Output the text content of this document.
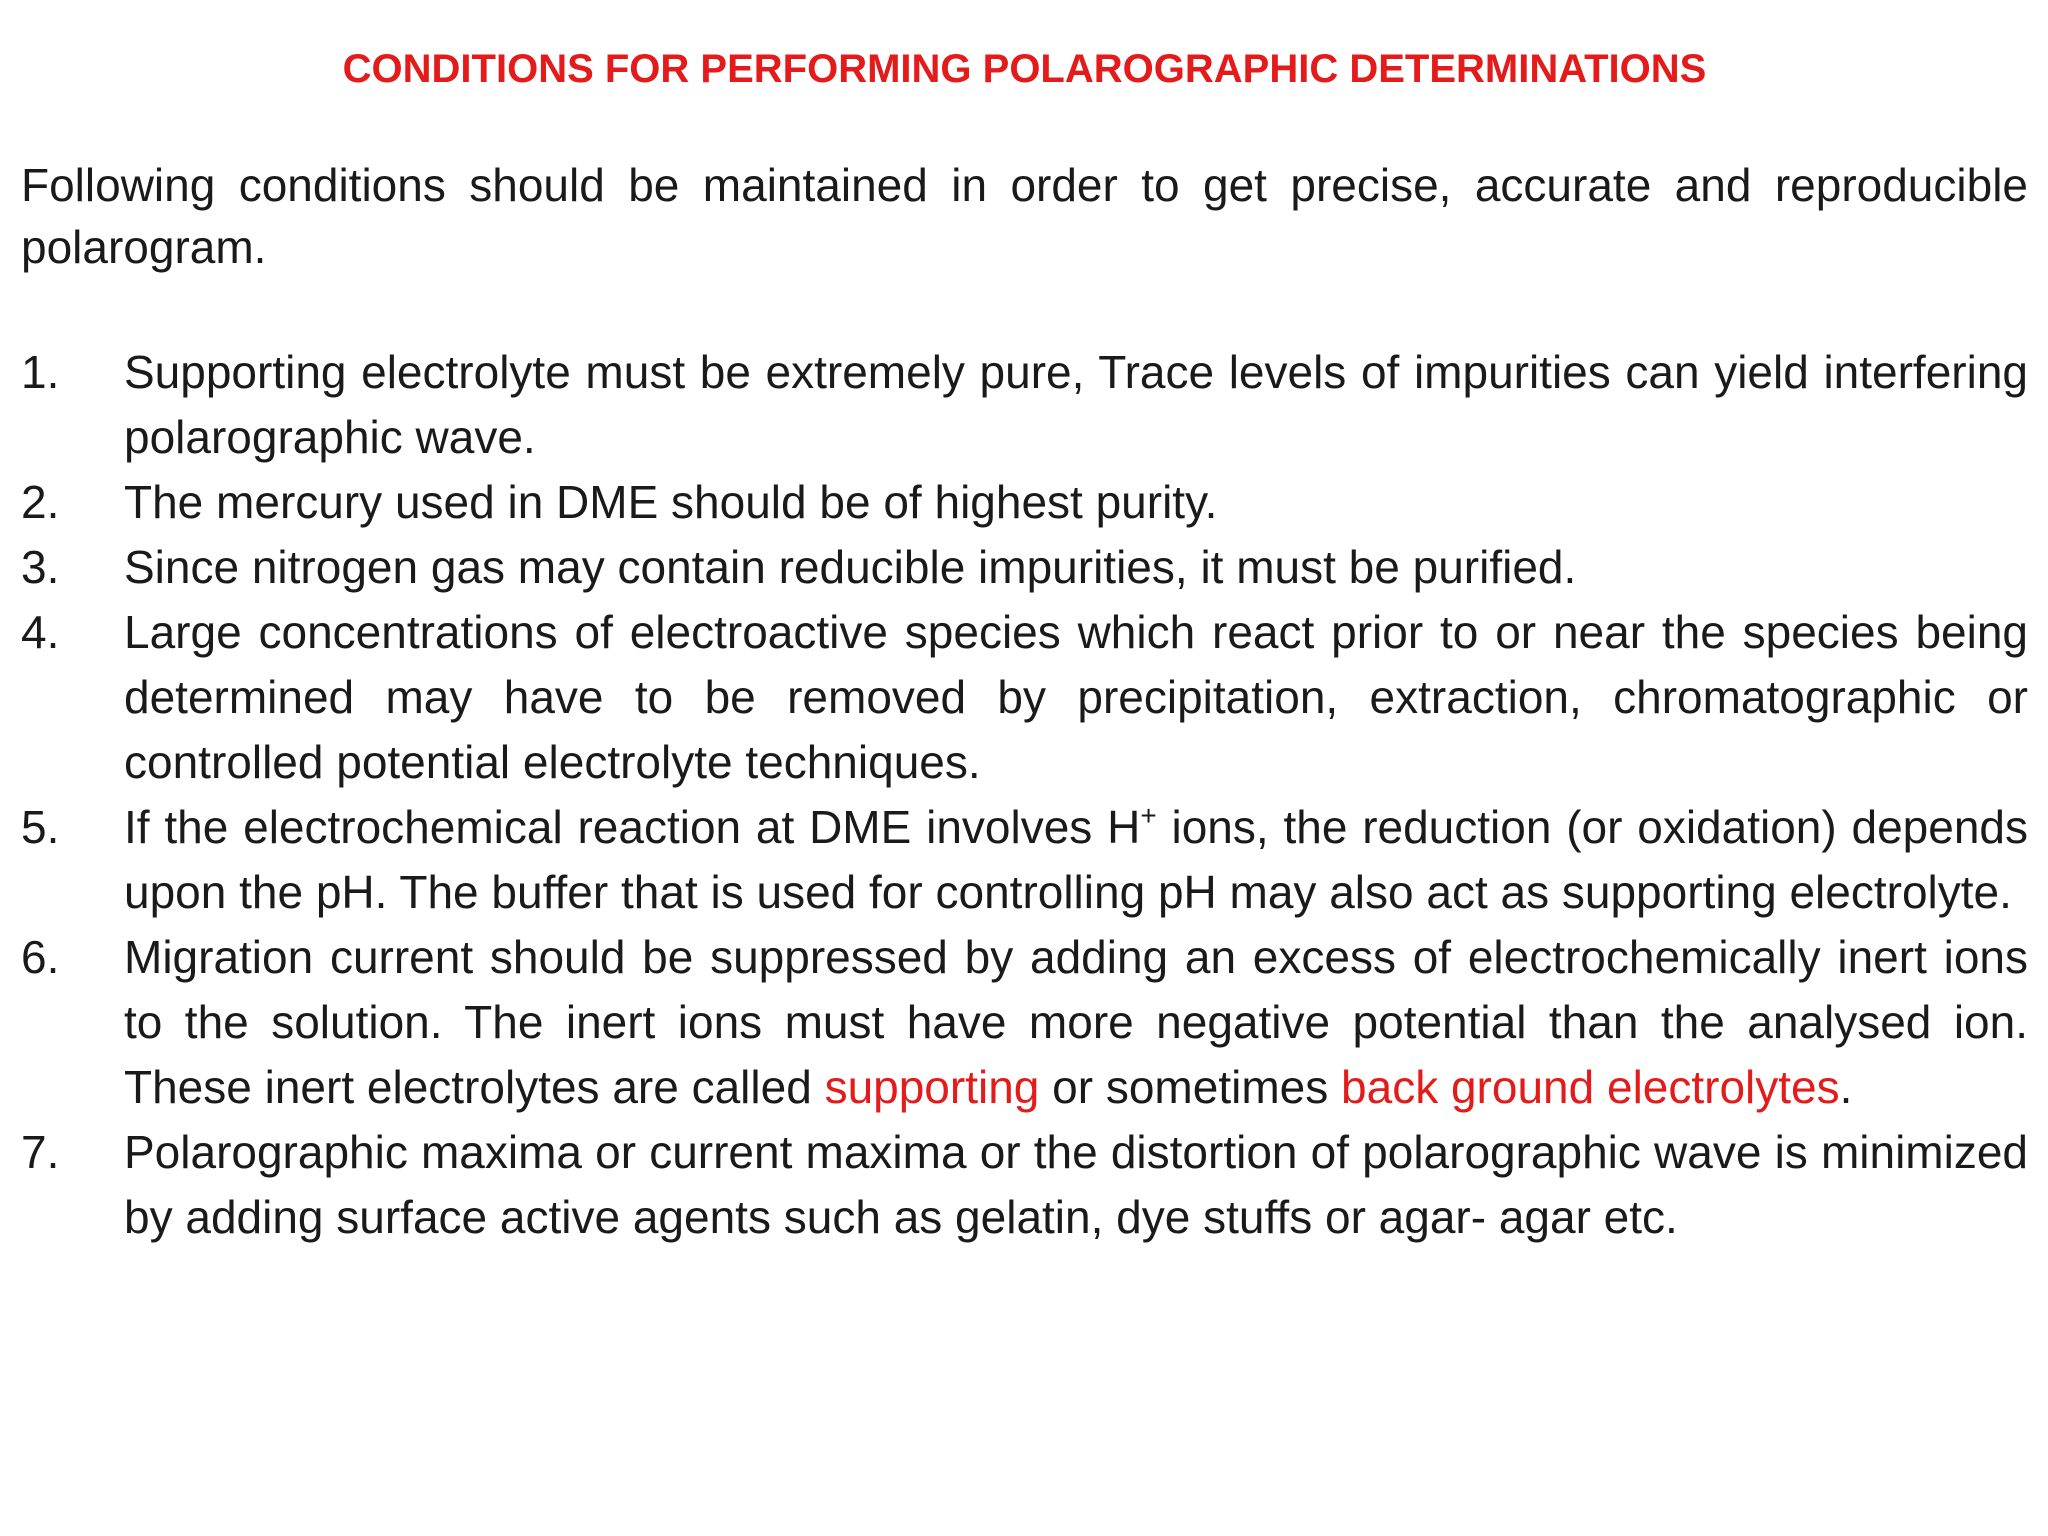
CONDITIONS FOR PERFORMING POLAROGRAPHIC DETERMINATIONS

Following conditions should be maintained in order to get precise, accurate and reproducible polarogram.

1.	Supporting electrolyte must be extremely pure, Trace levels of impurities can yield interfering polarographic wave.
2.	The mercury used in DME should be of highest purity.
3.	Since nitrogen gas may contain reducible impurities, it must be purified.
4.	Large concentrations of electroactive species which react prior to or near the species being determined may have to be removed by precipitation, extraction, chromatographic or controlled potential electrolyte techniques.
5.	If the electrochemical reaction at DME involves H+ ions, the reduction (or oxidation) depends upon the pH. The buffer that is used for controlling pH may also act as supporting electrolyte.
6.	Migration current should be suppressed by adding an excess of electrochemically inert ions to the solution. The inert ions must have more negative potential than the analysed ion. These inert electrolytes are called supporting or sometimes back ground electrolytes.
7.	Polarographic maxima or current maxima or the distortion of polarographic wave is minimized by adding surface active agents such as gelatin, dye stuffs or agar- agar etc.
